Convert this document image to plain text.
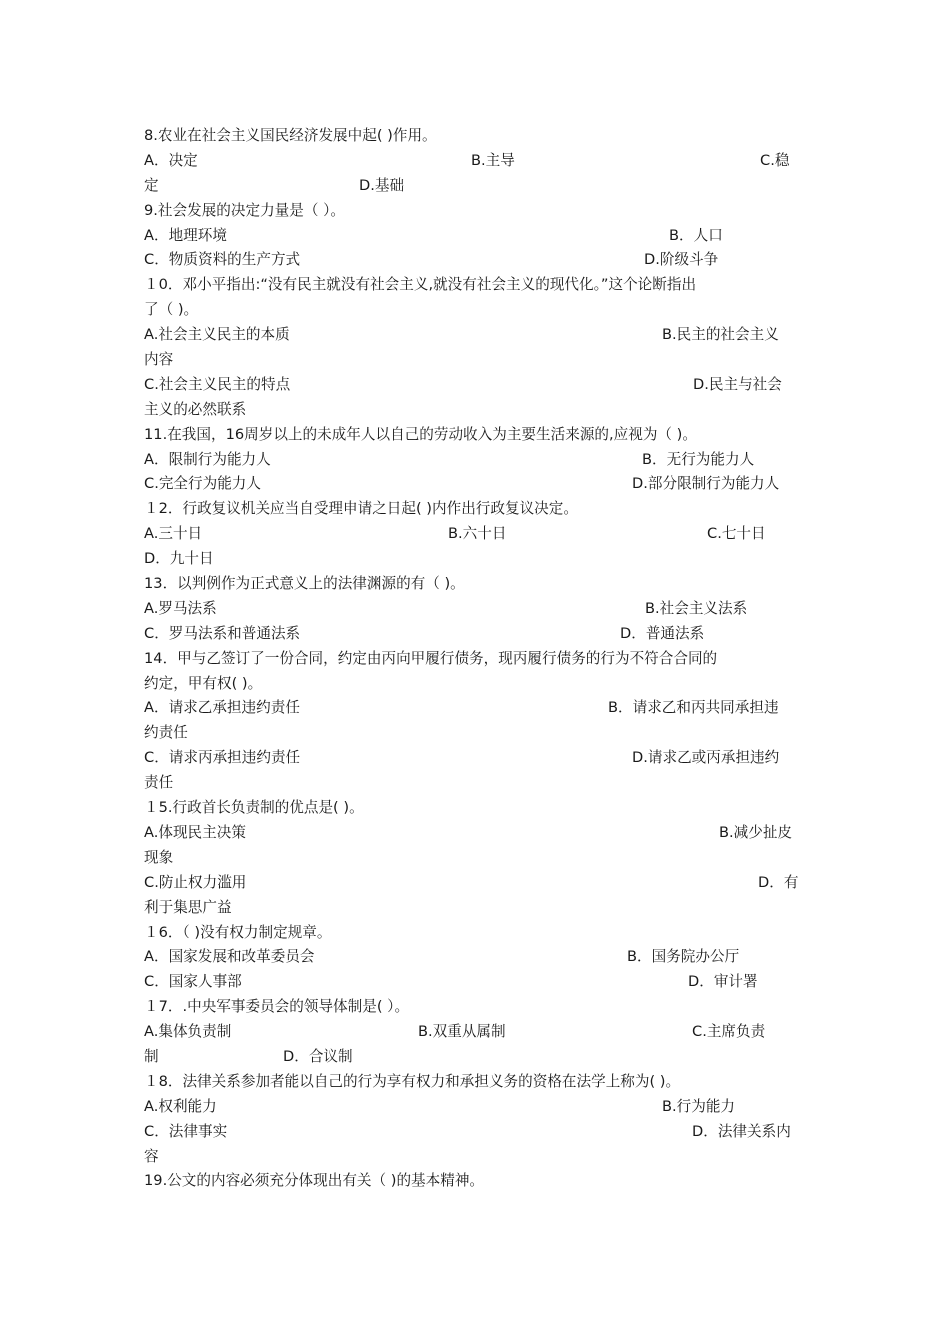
8.农业在社会主义国民经济发展中起( )作用。
A．决定	B.主导	C.稳
定	D.基础
9.社会发展的决定力量是（ ）。
A．地理环境	B．人口
C．物质资料的生产方式	D.阶级斗争
１0．邓小平指出:“没有民主就没有社会主义,就没有社会主义的现代化。”这个论断指出
了（ )。
A.社会主义民主的本质	B.民主的社会主义
内容
C.社会主义民主的特点	D.民主与社会
主义的必然联系
11.在我国，16周岁以上的未成年人以自己的劳动收入为主要生活来源的,应视为（ )。
A．限制行为能力人	B．无行为能力人
C.完全行为能力人	D.部分限制行为能力人
１2．行政复议机关应当自受理申请之日起( )内作出行政复议决定。
A.三十日	B.六十日	C.七十日
D．九十日
13．以判例作为正式意义上的法律渊源的有（ )。
A.罗马法系	B.社会主义法系
C．罗马法系和普通法系	D．普通法系
14．甲与乙签订了一份合同，约定由丙向甲履行债务，现丙履行债务的行为不符合合同的
约定，甲有权( )。
A．请求乙承担违约责任	B．请求乙和丙共同承担违
约责任
C．请求丙承担违约责任	D.请求乙或丙承担违约
责任
１5.行政首长负责制的优点是( )。
A.体现民主决策	B.减少扯皮
现象
C.防止权力滥用	D．有
利于集思广益
１6．（ )没有权力制定规章。
A．国家发展和改革委员会	B．国务院办公厅
C．国家人事部	D．审计署
１7．.中央军事委员会的领导体制是( ）。
A.集体负责制	B.双重从属制	C.主席负责
制	D．合议制
１8．法律关系参加者能以自己的行为享有权力和承担义务的资格在法学上称为( )。
A.权利能力	B.行为能力
C．法律事实	D．法律关系内
容
19.公文的内容必须充分体现出有关（ )的基本精神。
